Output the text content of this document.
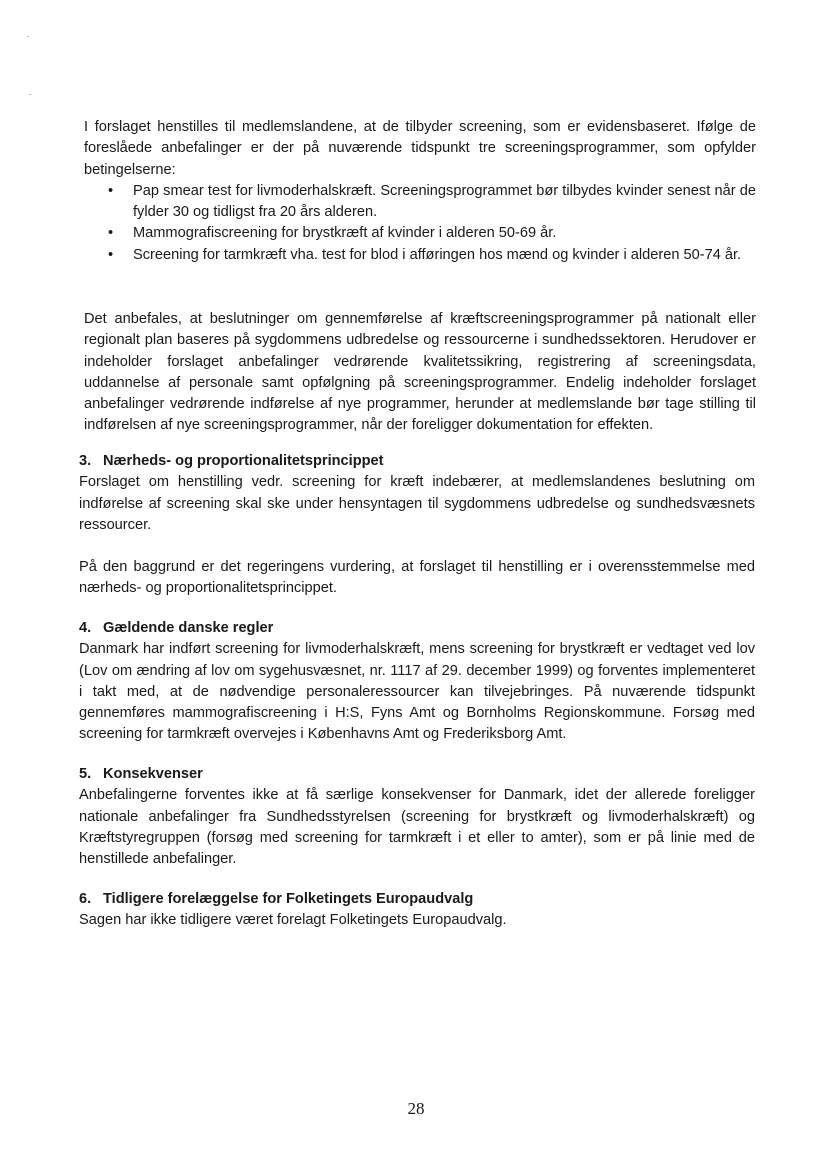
I forslaget henstilles til medlemslandene, at de tilbyder screening, som er evidensbaseret. Ifølge de foreslåede anbefalinger er der på nuværende tidspunkt tre screeningsprogrammer, som opfylder betingelserne:

• Pap smear test for livmoderhalskræft. Screeningsprogrammet bør tilbydes kvinder senest når de fylder 30 og tidligst fra 20 års alderen.
• Mammografiscreening for brystkræft af kvinder i alderen 50-69 år.
• Screening for tarmkræft vha. test for blod i afføringen hos mænd og kvinder i alderen 50-74 år.

Det anbefales, at beslutninger om gennemførelse af kræftscreeningsprogrammer på nationalt eller regionalt plan baseres på sygdommens udbredelse og ressourcerne i sundhedssektoren. Herudover er indeholder forslaget anbefalinger vedrørende kvalitetssikring, registrering af screeningsdata, uddannelse af personale samt opfølgning på screeningsprogrammer. Endelig indeholder forslaget anbefalinger vedrørende indførelse af nye programmer, herunder at medlemslande bør tage stilling til indførelsen af nye screeningsprogrammer, når der foreligger dokumentation for effekten.

3. Nærheds- og proportionalitetsprincippet

Forslaget om henstilling vedr. screening for kræft indebærer, at medlemslandenes beslutning om indførelse af screening skal ske under hensyntagen til sygdommens udbredelse og sundhedsvæsnets ressourcer.

På den baggrund er det regeringens vurdering, at forslaget til henstilling er i overensstemmelse med nærheds- og proportionalitetsprincippet.

4. Gældende danske regler

Danmark har indført screening for livmoderhalskræft, mens screening for brystkræft er vedtaget ved lov (Lov om ændring af lov om sygehusvæsnet, nr. 1117 af 29. december 1999) og forventes implementeret i takt med, at de nødvendige personaleressourcer kan tilvejebringes. På nuværende tidspunkt gennemføres mammografiscreening i H:S, Fyns Amt og Bornholms Regionskommune. Forsøg med screening for tarmkræft overvejes i Københavns Amt og Frederiksborg Amt.

5. Konsekvenser

Anbefalingerne forventes ikke at få særlige konsekvenser for Danmark, idet der allerede foreligger nationale anbefalinger fra Sundhedsstyrelsen (screening for brystkræft og livmoderhalskræft) og Kræftstyregruppen (forsøg med screening for tarmkræft i et eller to amter), som er på linie med de henstillede anbefalinger.

6. Tidligere forelæggelse for Folketingets Europaudvalg

Sagen har ikke tidligere været forelagt Folketingets Europaudvalg.

28
